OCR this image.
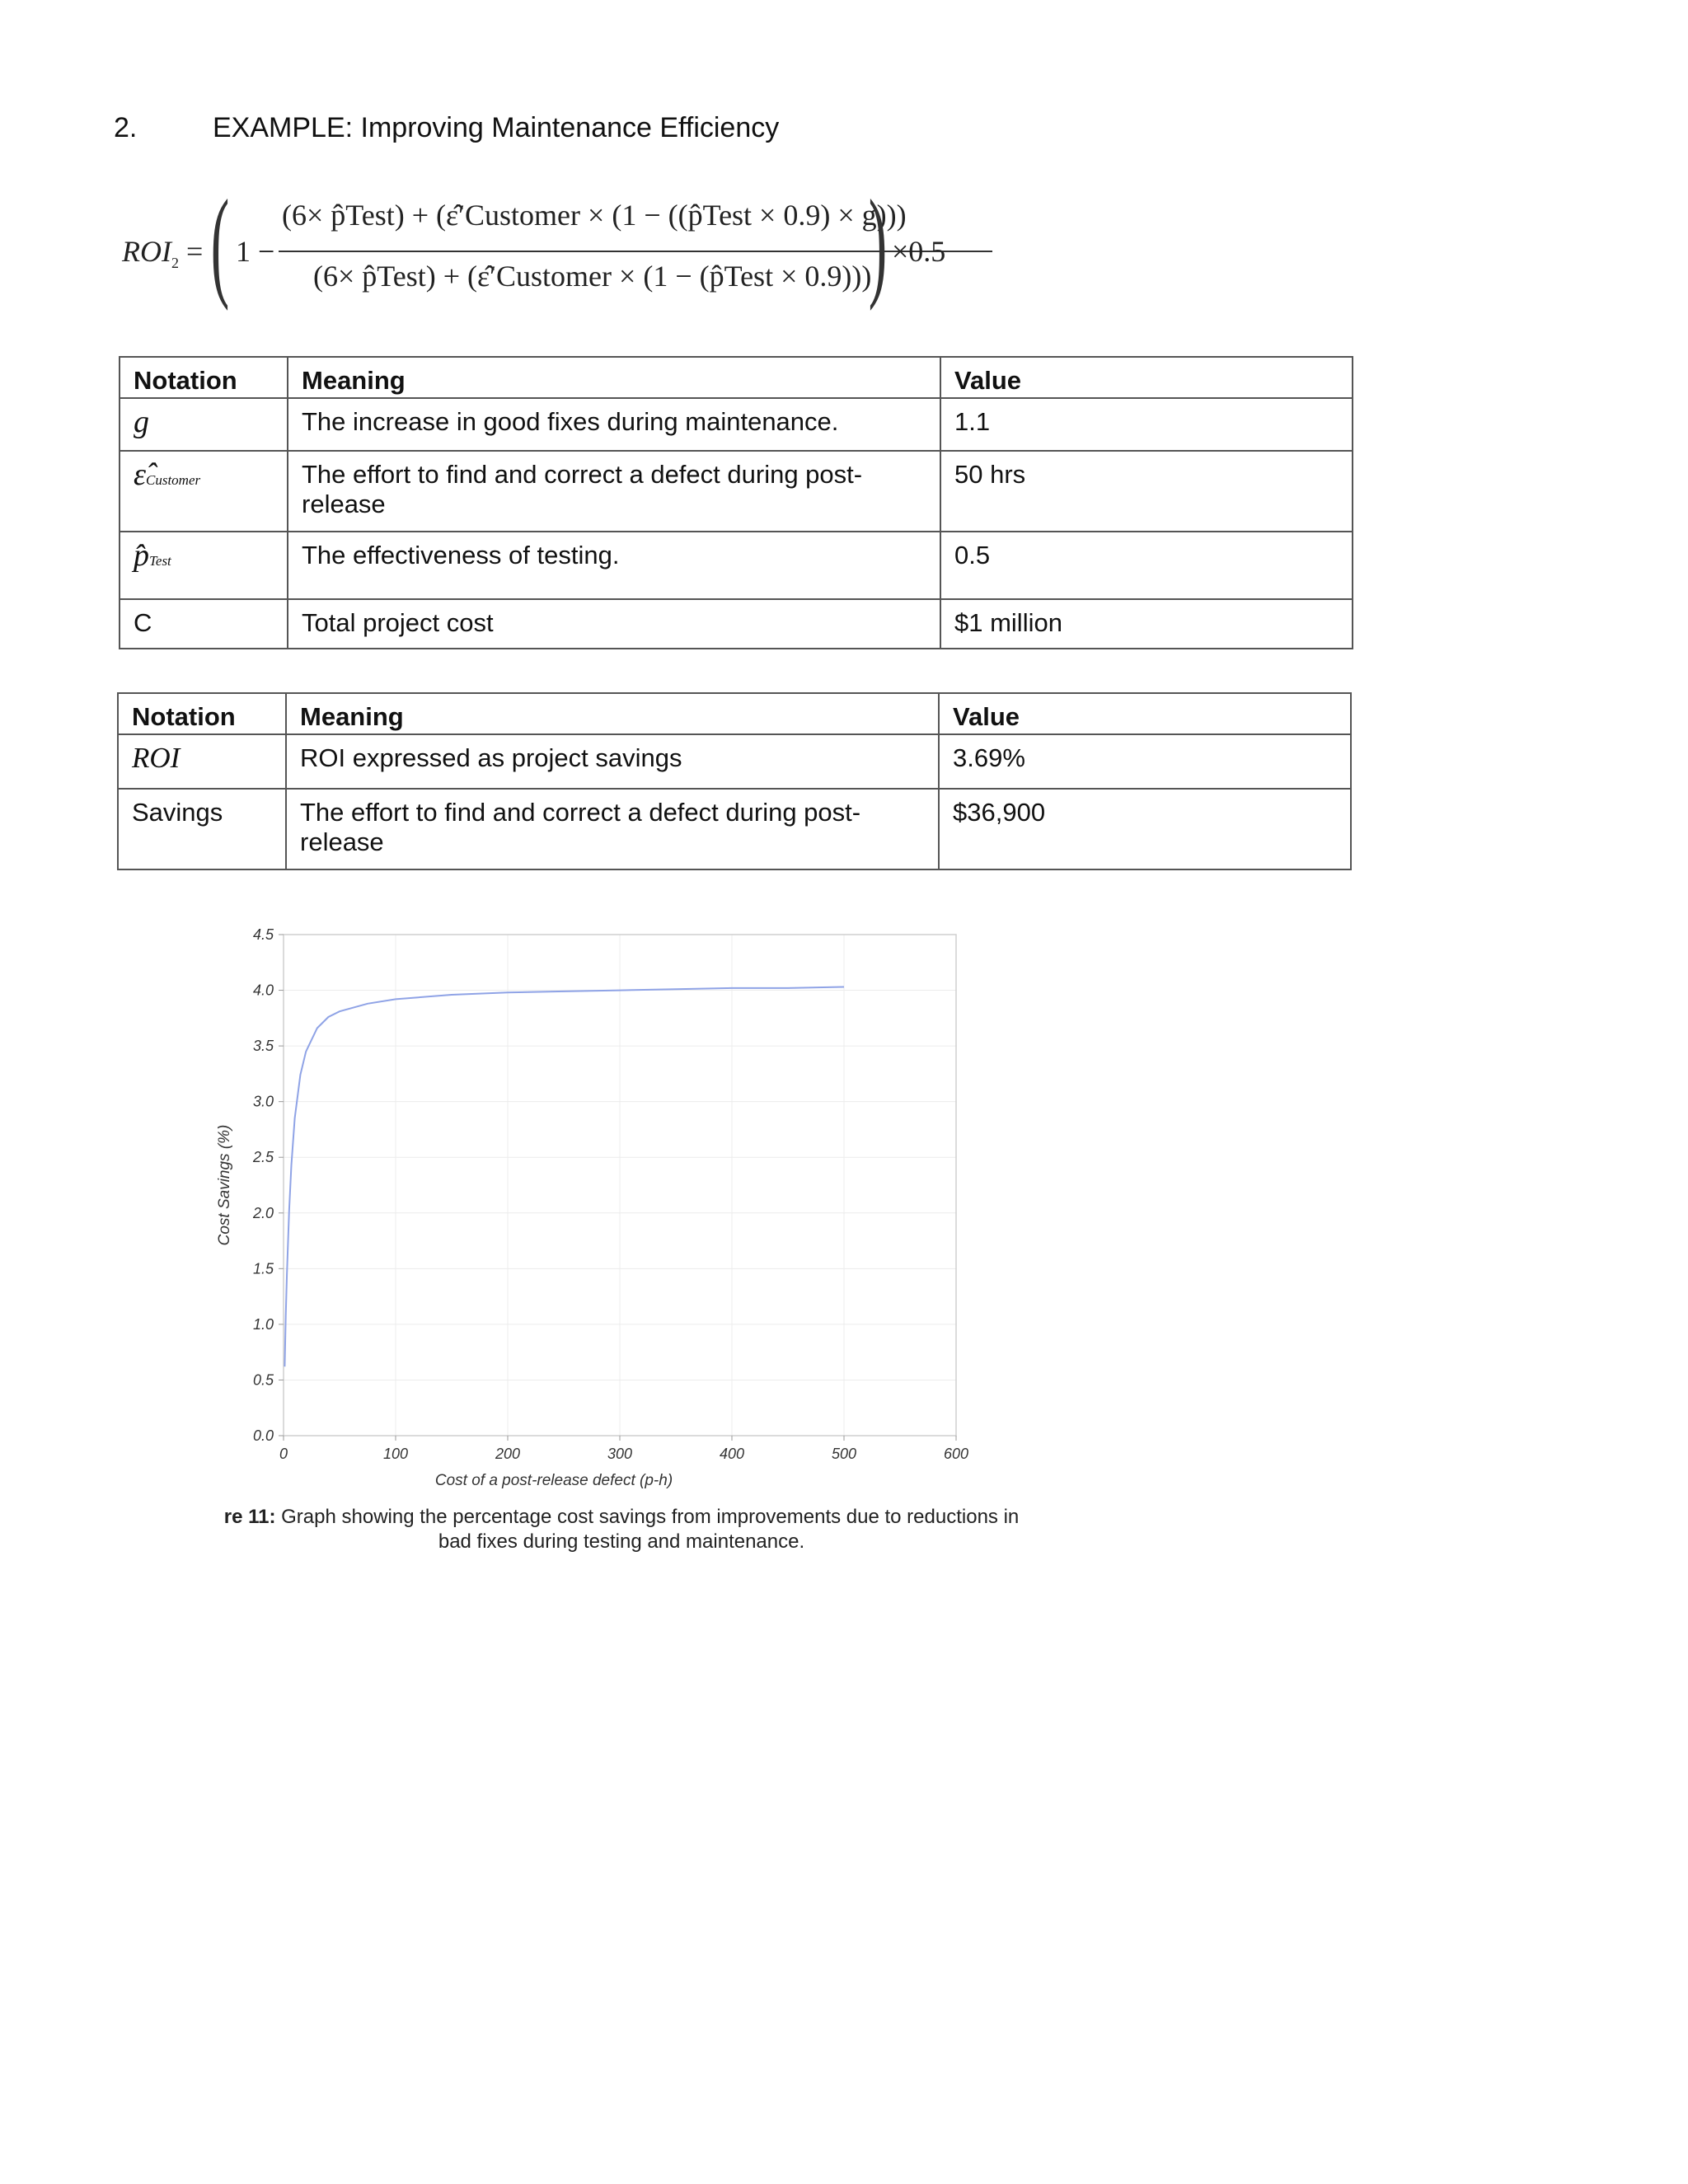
2.	EXAMPLE: Improving Maintenance Efficiency
$ROI_2$ = ( 1 −
(6× p̂Test) + (ε̂′Customer × (1 − ((p̂Test × 0.9) × g)))
(6× p̂Test) + (ε̂′Customer × (1 − (p̂Test × 0.9)))
) ×0.5
Notation	Meaning	Value
g	The increase in good fixes during maintenance.	1.1
ε̂Customer	The effort to find and correct a defect during post-release	50 hrs
p̂Test	The effectiveness of testing.	0.5
C	Total project cost	$1 million
Notation	Meaning	Value
ROI	ROI expressed as project savings	3.69%
Savings	The effort to find and correct a defect during post-release	$36,900
0	100	200	300	400	500	600
0.0
0.5
1.0
1.5
2.0
2.5
3.0
3.5
4.0
4.5
Cost of a post-release defect (p-h)
Cost Savings (%)
re 11: Graph showing the percentage cost savings from improvements due to reductions in
bad fixes during testing and maintenance.
